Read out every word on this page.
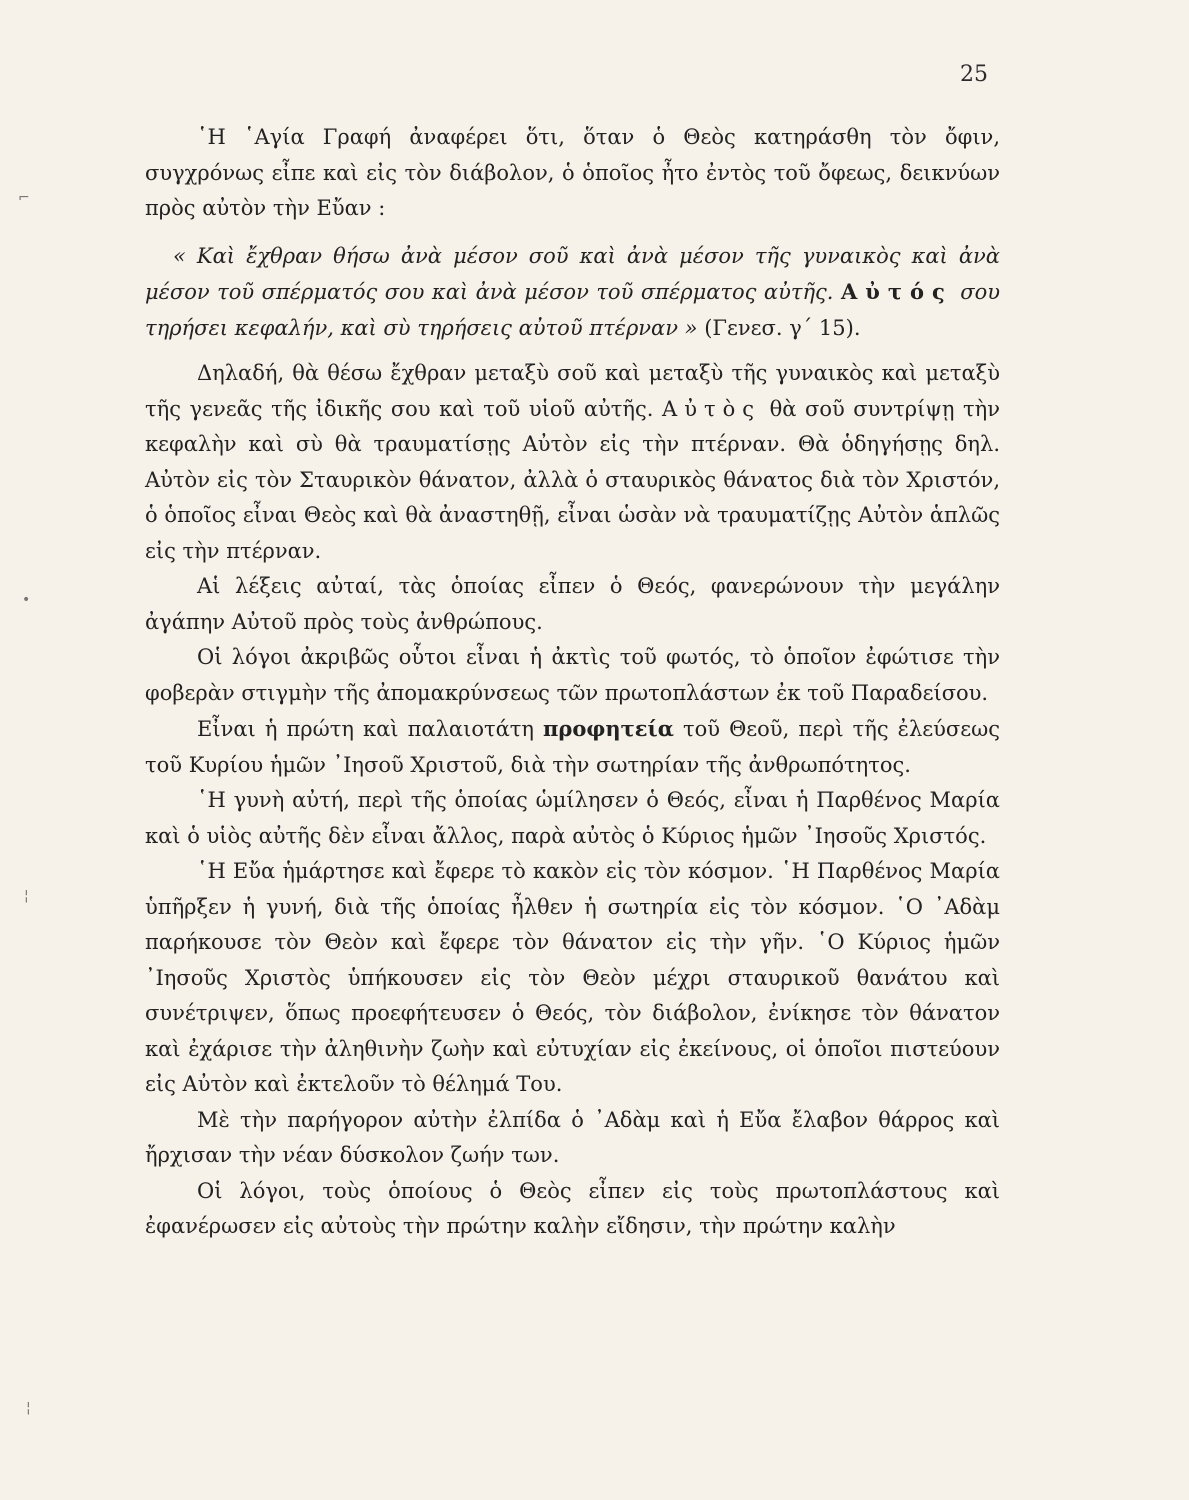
25

῾Η ῾Αγία Γραφή ἀναφέρει ὅτι, ὅταν ὁ Θεὸς κατηράσθη τὸν ὄφιν, συγχρόνως εἶπε καὶ εἰς τὸν διάβολον, ὁ ὁποῖος ἦτο ἐντὸς τοῦ ὄφεως, δεικνύων πρὸς αὐτὸν τὴν Εὔαν :

« Καὶ ἔχθραν θήσω ἀνὰ μέσον σοῦ καὶ ἀνὰ μέσον τῆς γυναικὸς καὶ ἀνὰ μέσον τοῦ σπέρματός σου καὶ ἀνὰ μέσον τοῦ σπέρματος αὐτῆς. Αὐτός σου τηρήσει κεφαλήν, καὶ σὺ τηρήσεις αὐτοῦ πτέρναν » (Γενεσ. γ΄ 15).

Δηλαδή, θὰ θέσω ἔχθραν μεταξὺ σοῦ καὶ μεταξὺ τῆς γυναικὸς καὶ μεταξὺ τῆς γενεᾶς τῆς ἰδικῆς σου καὶ τοῦ υἱοῦ αὐτῆς. Αὐτὸς θὰ σοῦ συντρίψῃ τὴν κεφαλὴν καὶ σὺ θὰ τραυματίσῃς Αὐτὸν εἰς τὴν πτέρναν. Θὰ ὁδηγήσῃς δηλ. Αὐτὸν εἰς τὸν Σταυρικὸν θάνατον, ἀλλὰ ὁ σταυρικὸς θάνατος διὰ τὸν Χριστόν, ὁ ὁποῖος εἶναι Θεὸς καὶ θὰ ἀναστηθῇ, εἶναι ὡσὰν νὰ τραυματίζῃς Αὐτὸν ἁπλῶς εἰς τὴν πτέρναν.

Αἱ λέξεις αὐταί, τὰς ὁποίας εἶπεν ὁ Θεός, φανερώνουν τὴν μεγάλην ἀγάπην Αὐτοῦ πρὸς τοὺς ἀνθρώπους.

Οἱ λόγοι ἀκριβῶς οὗτοι εἶναι ἡ ἀκτὶς τοῦ φωτός, τὸ ὁποῖον ἐφώτισε τὴν φοβερὰν στιγμὴν τῆς ἀπομακρύνσεως τῶν πρωτοπλάστων ἐκ τοῦ Παραδείσου.

Εἶναι ἡ πρώτη καὶ παλαιοτάτη προφητεία τοῦ Θεοῦ, περὶ τῆς ἐλεύσεως τοῦ Κυρίου ἡμῶν ᾿Ιησοῦ Χριστοῦ, διὰ τὴν σωτηρίαν τῆς ἀνθρωπότητος.

῾Η γυνὴ αὐτή, περὶ τῆς ὁποίας ὡμίλησεν ὁ Θεός, εἶναι ἡ Παρθένος Μαρία καὶ ὁ υἱὸς αὐτῆς δὲν εἶναι ἄλλος, παρὰ αὐτὸς ὁ Κύριος ἡμῶν ᾿Ιησοῦς Χριστός.

῾Η Εὔα ἡμάρτησε καὶ ἔφερε τὸ κακὸν εἰς τὸν κόσμον. ῾Η Παρθένος Μαρία ὑπῆρξεν ἡ γυνή, διὰ τῆς ὁποίας ἦλθεν ἡ σωτηρία εἰς τὸν κόσμον. ῾Ο ᾿Αδὰμ παρήκουσε τὸν Θεὸν καὶ ἔφερε τὸν θάνατον εἰς τὴν γῆν. ῾Ο Κύριος ἡμῶν ᾿Ιησοῦς Χριστὸς ὑπήκουσεν εἰς τὸν Θεὸν μέχρι σταυρικοῦ θανάτου καὶ συνέτριψεν, ὅπως προεφήτευσεν ὁ Θεός, τὸν διάβολον, ἐνίκησε τὸν θάνατον καὶ ἐχάρισε τὴν ἀληθινὴν ζωὴν καὶ εὐτυχίαν εἰς ἐκείνους, οἱ ὁποῖοι πιστεύουν εἰς Αὐτὸν καὶ ἐκτελοῦν τὸ θέλημά Του.

Μὲ τὴν παρήγορον αὐτὴν ἐλπίδα ὁ ᾿Αδὰμ καὶ ἡ Εὔα ἔλαβον θάρρος καὶ ἤρχισαν τὴν νέαν δύσκολον ζωήν των.

Οἱ λόγοι, τοὺς ὁποίους ὁ Θεὸς εἶπεν εἰς τοὺς πρωτοπλάστους καὶ ἐφανέρωσεν εἰς αὐτοὺς τὴν πρώτην καλὴν εἴδησιν, τὴν πρώτην καλὴν

⌐
•
¦
¦
